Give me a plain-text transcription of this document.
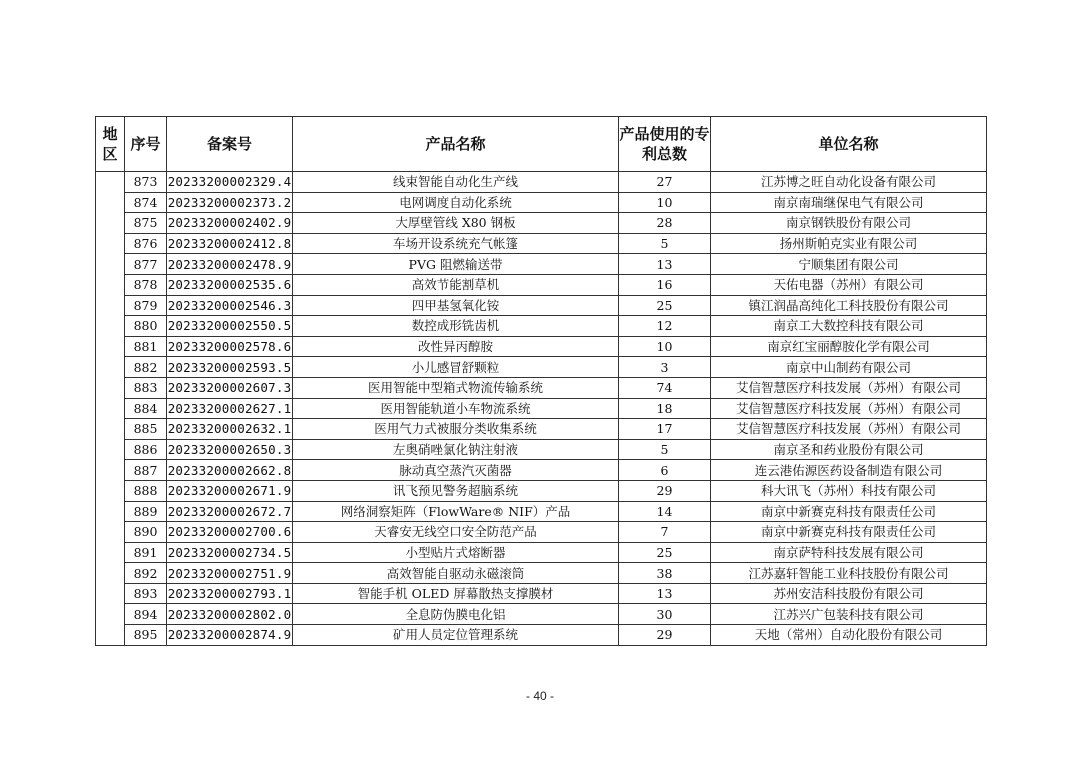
地区	序号	备案号	产品名称	产品使用的专利总数	单位名称
	873	20233200002329.4	线束智能自动化生产线	27	江苏博之旺自动化设备有限公司
	874	20233200002373.2	电网调度自动化系统	10	南京南瑞继保电气有限公司
	875	20233200002402.9	大厚壁管线 X80 钢板	28	南京钢铁股份有限公司
	876	20233200002412.8	车场开设系统充气帐篷	5	扬州斯帕克实业有限公司
	877	20233200002478.9	PVG 阻燃输送带	13	宁顺集团有限公司
	878	20233200002535.6	高效节能割草机	16	天佑电器（苏州）有限公司
	879	20233200002546.3	四甲基氢氧化铵	25	镇江润晶高纯化工科技股份有限公司
	880	20233200002550.5	数控成形铣齿机	12	南京工大数控科技有限公司
	881	20233200002578.6	改性异丙醇胺	10	南京红宝丽醇胺化学有限公司
	882	20233200002593.5	小儿感冒舒颗粒	3	南京中山制药有限公司
	883	20233200002607.3	医用智能中型箱式物流传输系统	74	艾信智慧医疗科技发展（苏州）有限公司
	884	20233200002627.1	医用智能轨道小车物流系统	18	艾信智慧医疗科技发展（苏州）有限公司
	885	20233200002632.1	医用气力式被服分类收集系统	17	艾信智慧医疗科技发展（苏州）有限公司
	886	20233200002650.3	左奥硝唑氯化钠注射液	5	南京圣和药业股份有限公司
	887	20233200002662.8	脉动真空蒸汽灭菌器	6	连云港佑源医药设备制造有限公司
	888	20233200002671.9	讯飞预见警务超脑系统	29	科大讯飞（苏州）科技有限公司
	889	20233200002672.7	网络洞察矩阵（FlowWare® NIF）产品	14	南京中新赛克科技有限责任公司
	890	20233200002700.6	天睿安无线空口安全防范产品	7	南京中新赛克科技有限责任公司
	891	20233200002734.5	小型贴片式熔断器	25	南京萨特科技发展有限公司
	892	20233200002751.9	高效智能自驱动永磁滚筒	38	江苏嘉轩智能工业科技股份有限公司
	893	20233200002793.1	智能手机 OLED 屏幕散热支撑膜材	13	苏州安洁科技股份有限公司
	894	20233200002802.0	全息防伪膜电化铝	30	江苏兴广包装科技有限公司
	895	20233200002874.9	矿用人员定位管理系统	29	天地（常州）自动化股份有限公司
- 40 -
